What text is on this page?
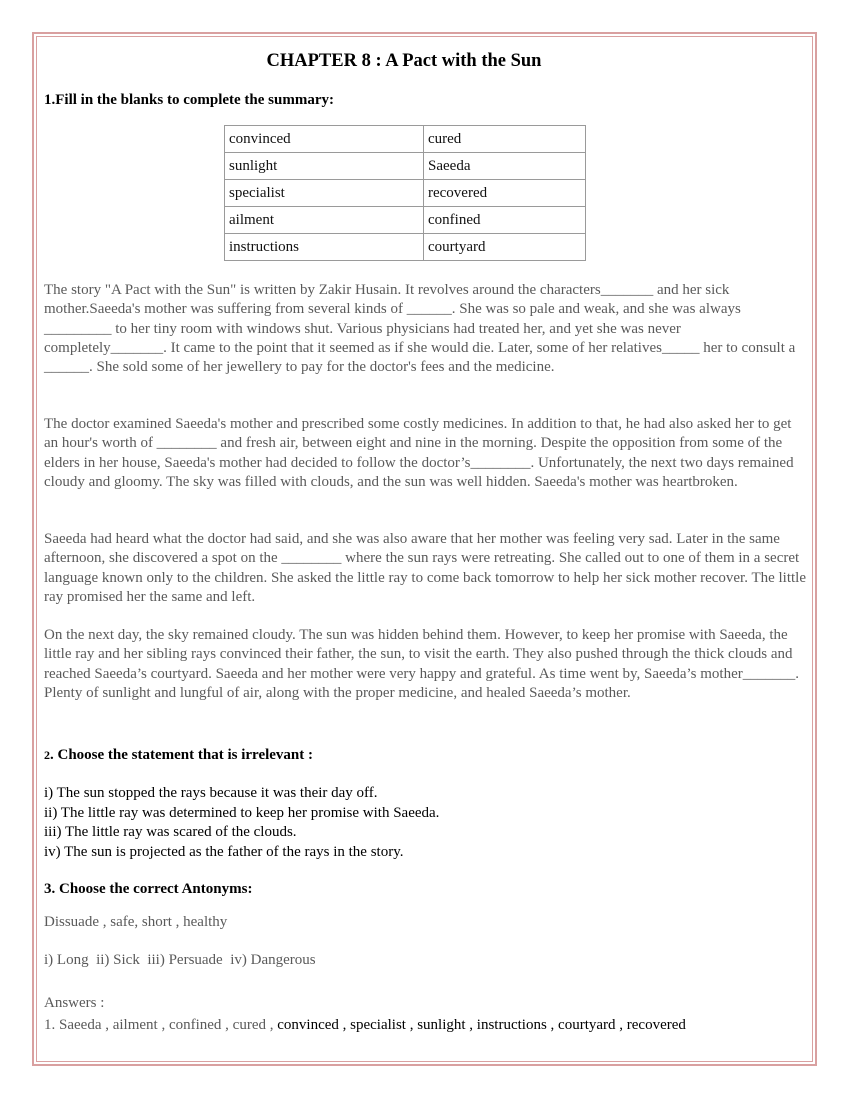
CHAPTER 8 : A Pact with the Sun

1.Fill in the blanks to complete the summary:

convinced	cured
sunlight	Saeeda
specialist	recovered
ailment	confined
instructions	courtyard

The story "A Pact with the Sun" is written by Zakir Husain. It revolves around the characters_______ and her sick mother.Saeeda's mother was suffering from several kinds of ______. She was so pale and weak, and she was always _________ to her tiny room with windows shut. Various physicians had treated her, and yet she was never completely_______. It came to the point that it seemed as if she would die. Later, some of her relatives_____ her to consult a ______. She sold some of her jewellery to pay for the doctor's fees and the medicine.

The doctor examined Saeeda's mother and prescribed some costly medicines. In addition to that, he had also asked her to get an hour's worth of ________ and fresh air, between eight and nine in the morning. Despite the opposition from some of the elders in her house, Saeeda's mother had decided to follow the doctor’s________. Unfortunately, the next two days remained cloudy and gloomy. The sky was filled with clouds, and the sun was well hidden. Saeeda's mother was heartbroken.

Saeeda had heard what the doctor had said, and she was also aware that her mother was feeling very sad. Later in the same afternoon, she discovered a spot on the ________ where the sun rays were retreating. She called out to one of them in a secret language known only to the children. She asked the little ray to come back tomorrow to help her sick mother recover. The little ray promised her the same and left.

On the next day, the sky remained cloudy. The sun was hidden behind them. However, to keep her promise with Saeeda, the little ray and her sibling rays convinced their father, the sun, to visit the earth. They also pushed through the thick clouds and reached Saeeda’s courtyard. Saeeda and her mother were very happy and grateful. As time went by, Saeeda’s mother_______. Plenty of sunlight and lungful of air, along with the proper medicine, and healed Saeeda’s mother.

2. Choose the statement that is irrelevant :

i) The sun stopped the rays because it was their day off.
ii) The little ray was determined to keep her promise with Saeeda.
iii) The little ray was scared of the clouds.
iv) The sun is projected as the father of the rays in the story.

3. Choose the correct Antonyms:

Dissuade , safe, short , healthy

i) Long  ii) Sick  iii) Persuade  iv) Dangerous

Answers :

1. Saeeda , ailment , confined , cured , convinced , specialist , sunlight , instructions , courtyard , recovered
